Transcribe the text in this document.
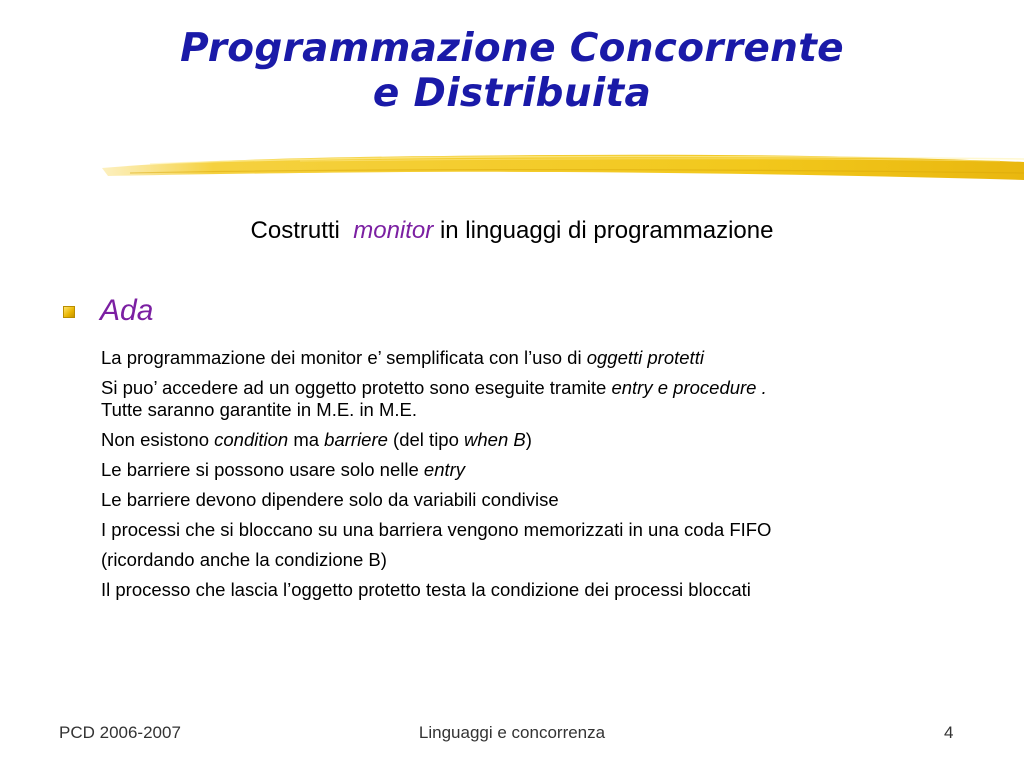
Programmazione Concorrente
e Distribuita
Costrutti monitor in linguaggi di programmazione
Ada
La programmazione dei monitor e’ semplificata con l’uso di oggetti protetti
Si puo’ accedere ad un oggetto protetto sono eseguite tramite entry e procedure .
Tutte saranno garantite in M.E. in M.E.
Non esistono condition ma barriere (del tipo when B)
Le barriere si possono usare solo nelle entry
Le barriere devono dipendere solo da variabili condivise
I processi che si bloccano su una barriera vengono memorizzati in una coda FIFO
(ricordando anche la condizione B)
Il processo che lascia l’oggetto protetto testa la condizione dei processi bloccati
PCD 2006-2007	Linguaggi e concorrenza	4
